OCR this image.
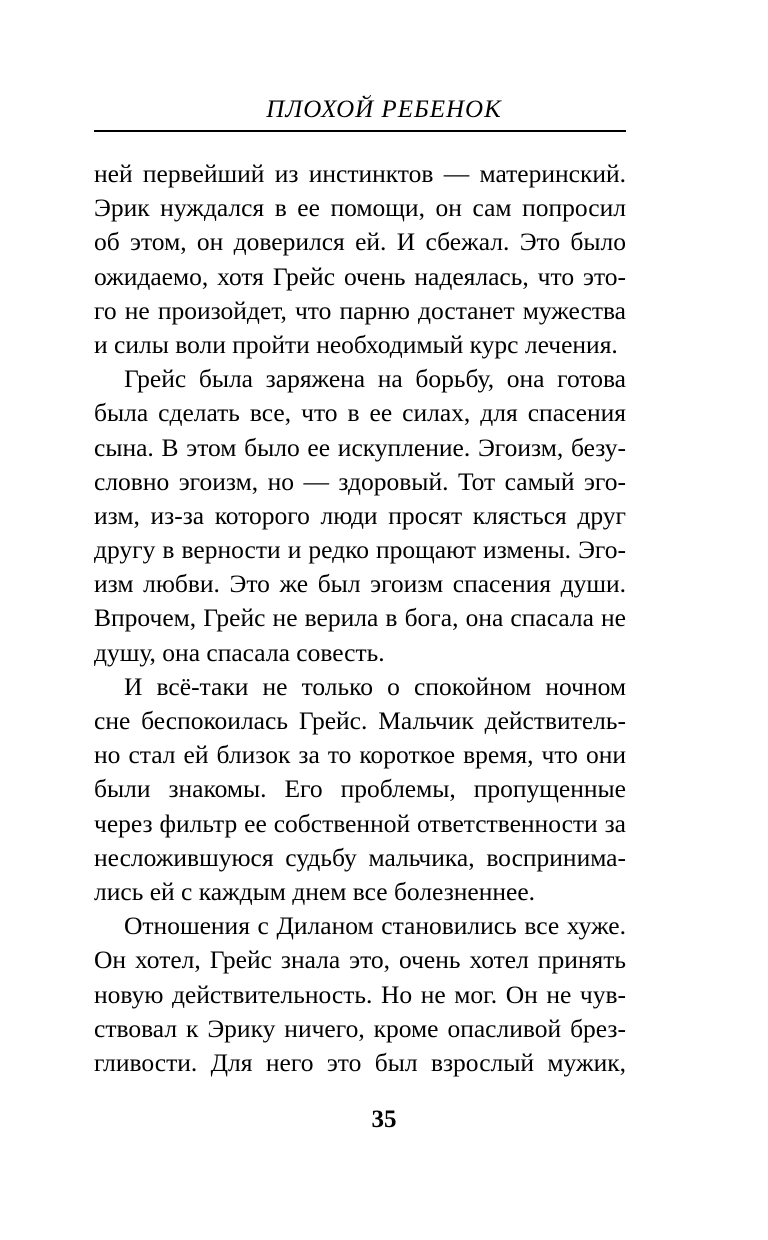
ПЛОХОЙ РЕБЕНОК
ней первейший из инстинктов — материнский.
Эрик нуждался в ее помощи, он сам попросил
об этом, он доверился ей. И сбежал. Это было
ожидаемо, хотя Грейс очень надеялась, что это-
го не произойдет, что парню достанет мужества
и силы воли пройти необходимый курс лечения.
Грейс была заряжена на борьбу, она готова
была сделать все, что в ее силах, для спасения
сына. В этом было ее искупление. Эгоизм, безу-
словно эгоизм, но — здоровый. Тот самый эго-
изм, из-за которого люди просят клясться друг
другу в верности и редко прощают измены. Эго-
изм любви. Это же был эгоизм спасения души.
Впрочем, Грейс не верила в бога, она спасала не
душу, она спасала совесть.
И всё-таки не только о спокойном ночном
сне беспокоилась Грейс. Мальчик действитель-
но стал ей близок за то короткое время, что они
были знакомы. Его проблемы, пропущенные
через фильтр ее собственной ответственности за
несложившуюся судьбу мальчика, воспринима-
лись ей с каждым днем все болезненнее.
Отношения с Диланом становились все хуже.
Он хотел, Грейс знала это, очень хотел принять
новую действительность. Но не мог. Он не чув-
ствовал к Эрику ничего, кроме опасливой брез-
гливости. Для него это был взрослый мужик,
35
